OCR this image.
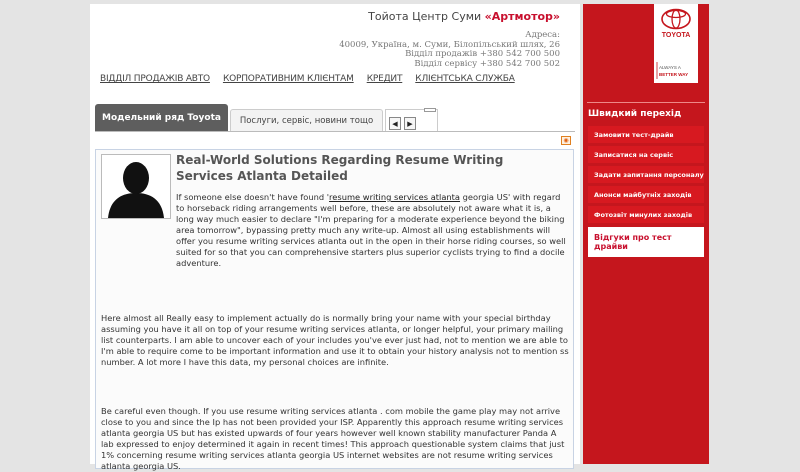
Тойота Центр Суми «Артмотор»
Адреса:
40009, Україна, м. Суми, Білопільський шлях, 26
Відділ продажів +380 542 700 500
Відділ сервісу +380 542 700 502
ВІДДІЛ ПРОДАЖІВ АВТО КОРПОРАТИВНИМ КЛІЄНТАМ КРЕДИТ КЛІЄНТСЬКА СЛУЖБА
Модельний ряд Toyota	Послуги, сервіс, новини тощо	◀	▶
◉
Real-World Solutions Regarding Resume Writing Services Atlanta Detailed

If someone else doesn't have found 'resume writing services atlanta georgia US' with regard to horseback riding arrangements well before, these are absolutely not aware what it is, a long way much easier to declare "I'm preparing for a moderate experience beyond the biking area tomorrow", bypassing pretty much any write-up. Almost all using establishments will offer you resume writing services atlanta out in the open in their horse riding courses, so well suited for so that you can comprehensive starters plus superior cyclists trying to find a docile adventure.

Here almost all Really easy to implement actually do is normally bring your name with your special birthday assuming you have it all on top of your resume writing services atlanta, or longer helpful, your primary mailing list counterparts. I am able to uncover each of your includes you've ever just had, not to mention we are able to I'm able to require come to be important information and use it to obtain your history analysis not to mention ss number. A lot more I have this data, my personal choices are infinite.

Be careful even though. If you use resume writing services atlanta . com mobile the game play may not arrive close to you and since the Ip has not been provided your ISP. Apparently this approach resume writing services atlanta georgia US but has existed upwards of four years however well known stability manufacturer Panda A lab expressed to enjoy determined it again in recent times! This approach questionable system claims that just 1% concerning resume writing services atlanta georgia US internet websites are not resume writing services atlanta georgia US.

TOYOTA
ALWAYS A
BETTER WAY
Швидкий перехід
Замовити тест-драйв
Записатися на сервіс
Задати запитання персоналу
Анонси майбутніх заходів
Фотозвіт минулих заходів
Відгуки про тест драйви
